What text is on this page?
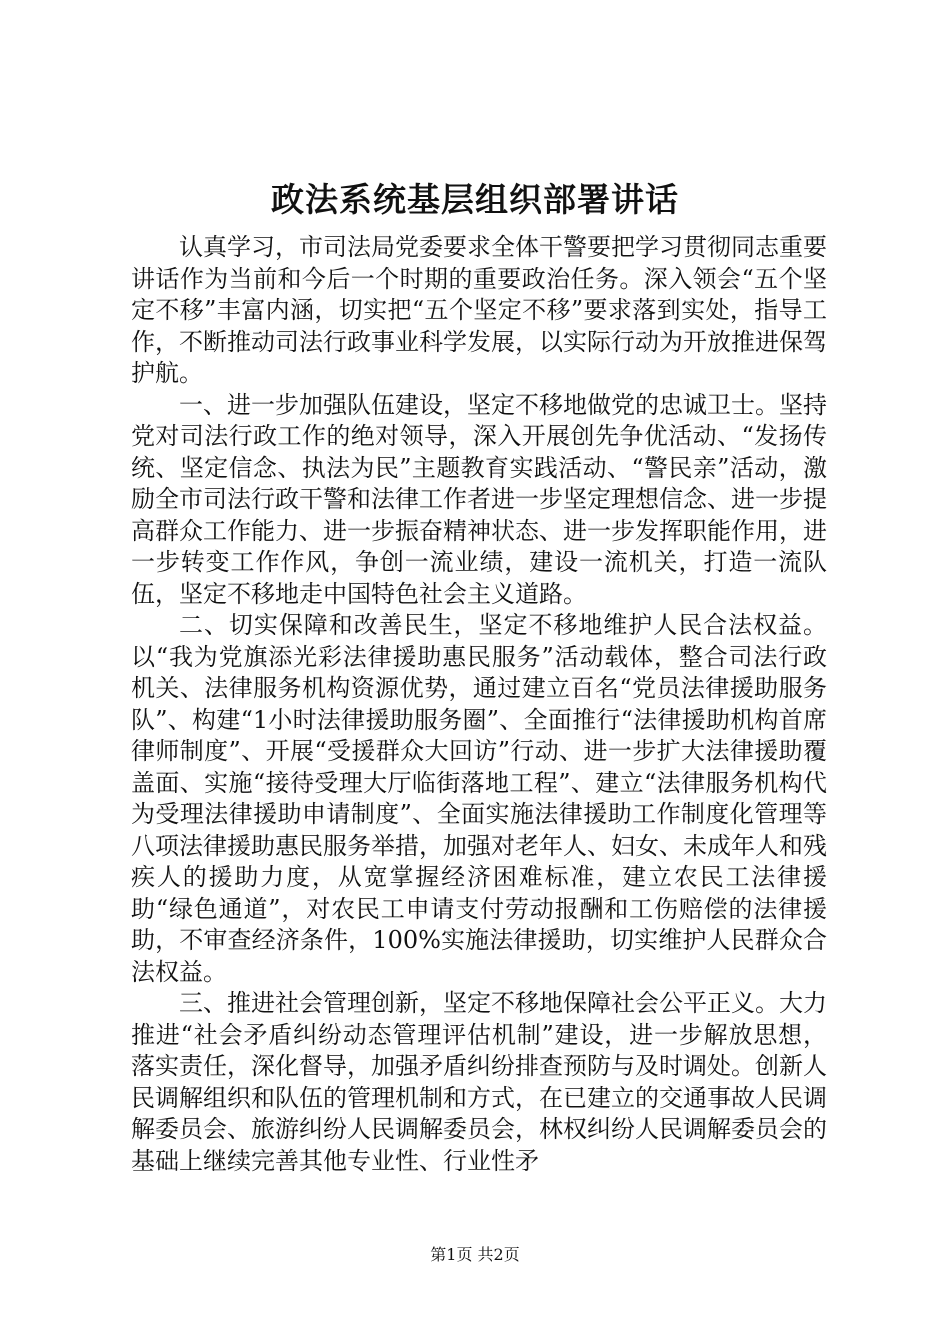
政法系统基层组织部署讲话

认真学习，市司法局党委要求全体干警要把学习贯彻同志重要讲话作为当前和今后一个时期的重要政治任务。深入领会“五个坚定不移”丰富内涵，切实把“五个坚定不移”要求落到实处，指导工作，不断推动司法行政事业科学发展，以实际行动为开放推进保驾护航。

一、进一步加强队伍建设，坚定不移地做党的忠诚卫士。坚持党对司法行政工作的绝对领导，深入开展创先争优活动、“发扬传统、坚定信念、执法为民”主题教育实践活动、“警民亲”活动，激励全市司法行政干警和法律工作者进一步坚定理想信念、进一步提高群众工作能力、进一步振奋精神状态、进一步发挥职能作用，进一步转变工作作风，争创一流业绩，建设一流机关，打造一流队伍，坚定不移地走中国特色社会主义道路。

二、切实保障和改善民生，坚定不移地维护人民合法权益。以“我为党旗添光彩法律援助惠民服务”活动载体，整合司法行政机关、法律服务机构资源优势，通过建立百名“党员法律援助服务队”、构建“1小时法律援助服务圈”、全面推行“法律援助机构首席律师制度”、开展“受援群众大回访”行动、进一步扩大法律援助覆盖面、实施“接待受理大厅临街落地工程”、建立“法律服务机构代为受理法律援助申请制度”、全面实施法律援助工作制度化管理等八项法律援助惠民服务举措，加强对老年人、妇女、未成年人和残疾人的援助力度，从宽掌握经济困难标准，建立农民工法律援助“绿色通道”，对农民工申请支付劳动报酬和工伤赔偿的法律援助，不审查经济条件，100%实施法律援助，切实维护人民群众合法权益。

三、推进社会管理创新，坚定不移地保障社会公平正义。大力推进“社会矛盾纠纷动态管理评估机制”建设，进一步解放思想，落实责任，深化督导，加强矛盾纠纷排查预防与及时调处。创新人民调解组织和队伍的管理机制和方式，在已建立的交通事故人民调解委员会、旅游纠纷人民调解委员会，林权纠纷人民调解委员会的基础上继续完善其他专业性、行业性矛

第1页 共2页
